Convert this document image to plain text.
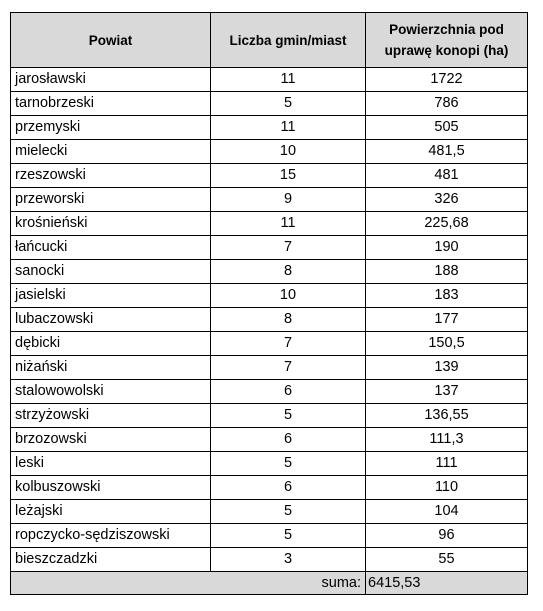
Powiat	Liczba gmin/miast	Powierzchnia pod
uprawę konopi (ha)
jarosławski	11	1722
tarnobrzeski	5	786
przemyski	11	505
mielecki	10	481,5
rzeszowski	15	481
przeworski	9	326
krośnieński	11	225,68
łańcucki	7	190
sanocki	8	188
jasielski	10	183
lubaczowski	8	177
dębicki	7	150,5
niżański	7	139
stalowowolski	6	137
strzyżowski	5	136,55
brzozowski	6	111,3
leski	5	111
kolbuszowski	6	110
leżajski	5	104
ropczycko-sędziszowski	5	96
bieszczadzki	3	55
suma:		6415,53
